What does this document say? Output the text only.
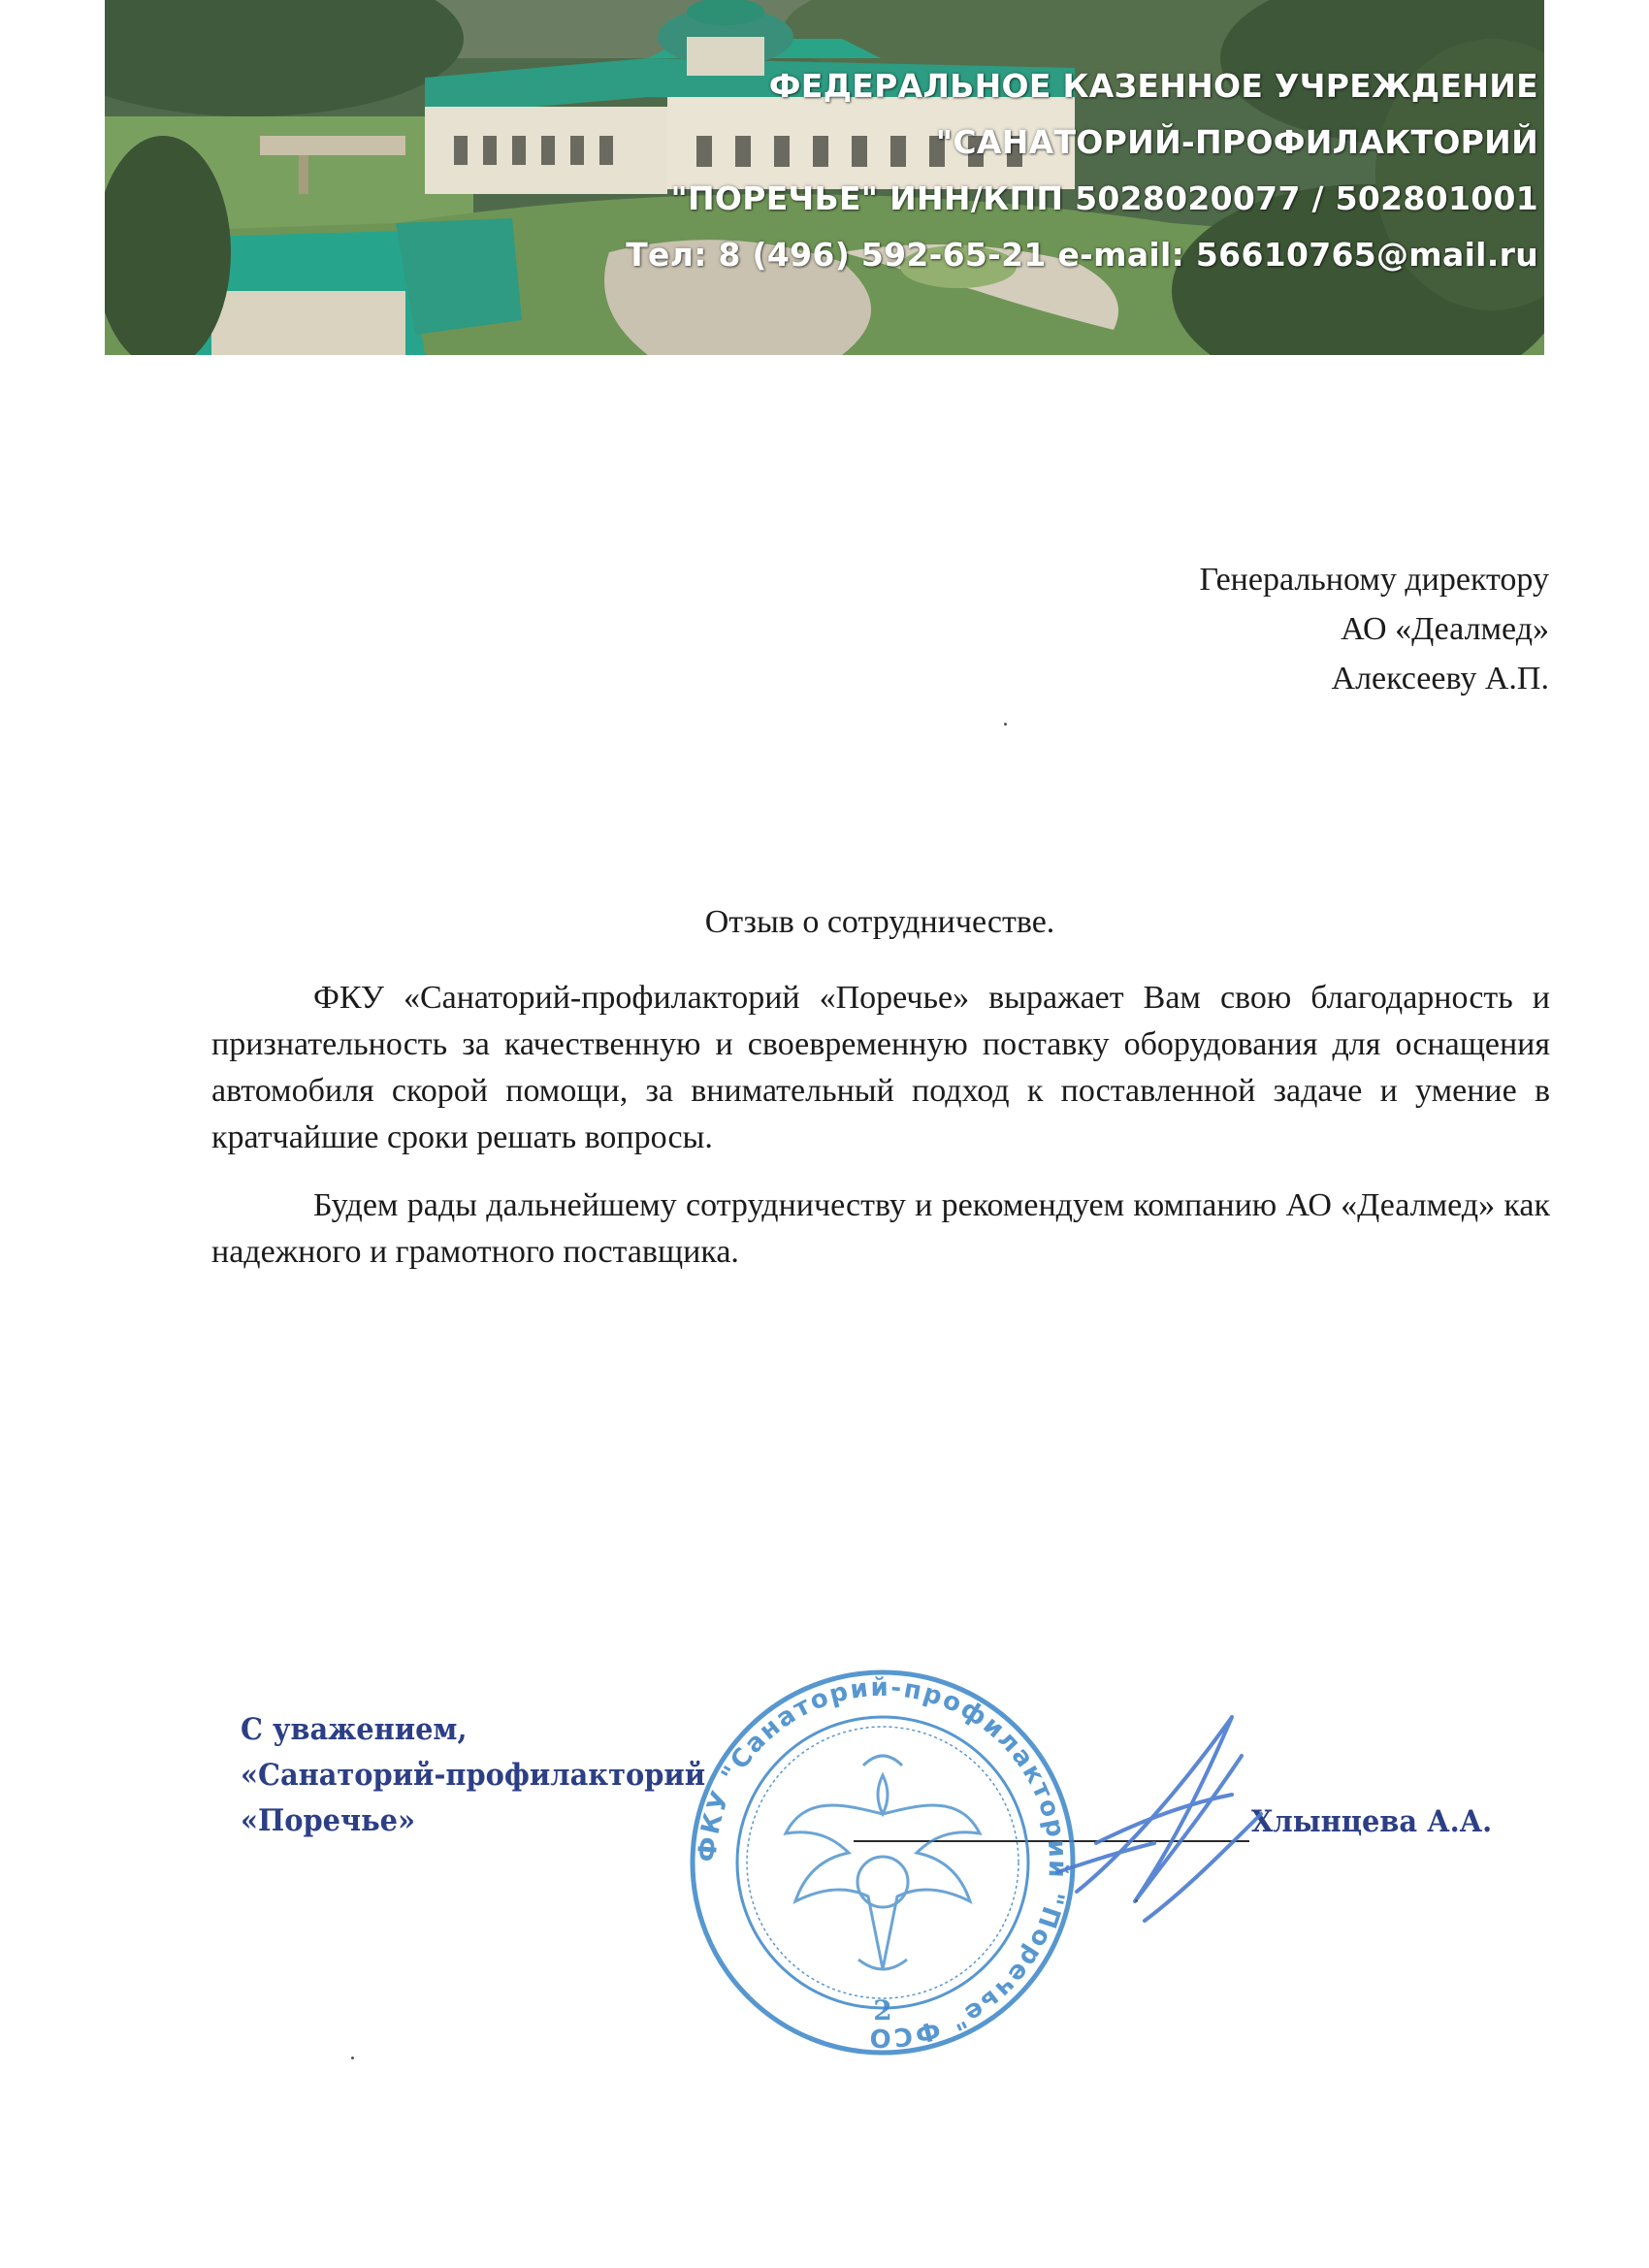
ФЕДЕРАЛЬНОЕ КАЗЕННОЕ УЧРЕЖДЕНИЕ
"САНАТОРИЙ-ПРОФИЛАКТОРИЙ
"ПОРЕЧЬЕ" ИНН/КПП 5028020077 / 502801001
Тел: 8 (496) 592-65-21 e-mail: 56610765@mail.ru
Генеральному директору
АО «Деалмед»
Алексееву А.П.
Отзыв о сотрудничестве.

ФКУ «Санаторий-профилакторий «Поречье» выражает Вам свою благодарность и признательность за качественную и своевременную поставку оборудования для оснащения автомобиля скорой помощи, за внимательный подход к поставленной задаче и умение в кратчайшие сроки решать вопросы.

Будем рады дальнейшему сотрудничеству и рекомендуем компанию АО «Деалмед» как надежного и грамотного поставщика.

С уважением,
«Санаторий-профилакторий
«Поречье»	Хлынцева А.А.
ФКУ "Санаторий-профилакторий "Поречье" ФСО
2
